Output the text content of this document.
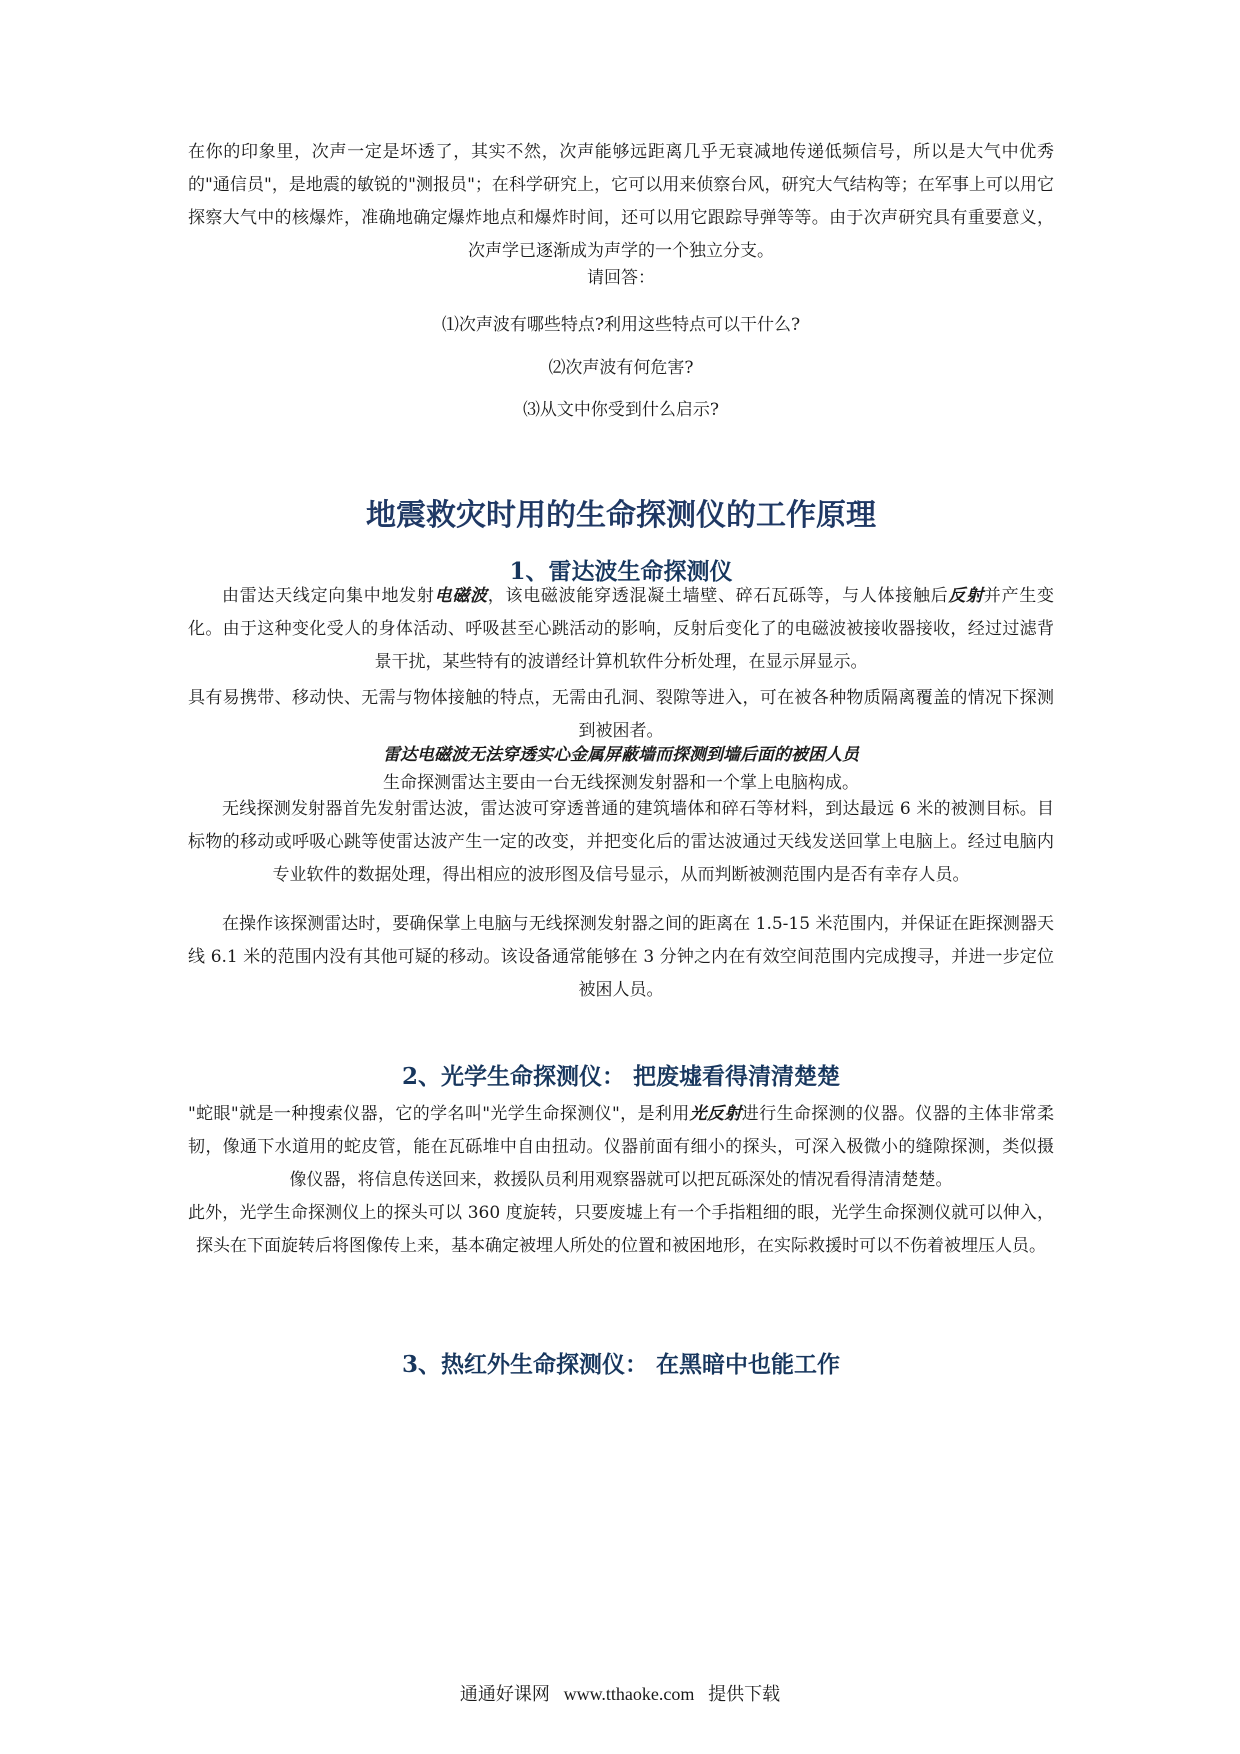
在你的印象里，次声一定是坏透了，其实不然，次声能够远距离几乎无衰减地传递低频信号，所以是大气中优秀的"通信员"，是地震的敏锐的"测报员"；在科学研究上，它可以用来侦察台风，研究大气结构等；在军事上可以用它探察大气中的核爆炸，准确地确定爆炸地点和爆炸时间，还可以用它跟踪导弹等等。由于次声研究具有重要意义，次声学已逐渐成为声学的一个独立分支。

请回答：

⑴次声波有哪些特点?利用这些特点可以干什么?

⑵次声波有何危害?

⑶从文中你受到什么启示?

地震救灾时用的生命探测仪的工作原理
1、雷达波生命探测仪

由雷达天线定向集中地发射电磁波，该电磁波能穿透混凝土墙壁、碎石瓦砾等，与人体接触后反射并产生变化。由于这种变化受人的身体活动、呼吸甚至心跳活动的影响，反射后变化了的电磁波被接收器接收，经过过滤背景干扰，某些特有的波谱经计算机软件分析处理，在显示屏显示。

具有易携带、移动快、无需与物体接触的特点，无需由孔洞、裂隙等进入，可在被各种物质隔离覆盖的情况下探测到被困者。

雷达电磁波无法穿透实心金属屏蔽墙而探测到墙后面的被困人员

生命探测雷达主要由一台无线探测发射器和一个掌上电脑构成。

无线探测发射器首先发射雷达波，雷达波可穿透普通的建筑墙体和碎石等材料，到达最远 6 米的被测目标。目标物的移动或呼吸心跳等使雷达波产生一定的改变，并把变化后的雷达波通过天线发送回掌上电脑上。经过电脑内专业软件的数据处理，得出相应的波形图及信号显示，从而判断被测范围内是否有幸存人员。

在操作该探测雷达时，要确保掌上电脑与无线探测发射器之间的距离在 1.5-15 米范围内，并保证在距探测器天线 6.1 米的范围内没有其他可疑的移动。该设备通常能够在 3 分钟之内在有效空间范围内完成搜寻，并进一步定位被困人员。

2、光学生命探测仪： 把废墟看得清清楚楚

"蛇眼"就是一种搜索仪器，它的学名叫"光学生命探测仪"，是利用光反射进行生命探测的仪器。仪器的主体非常柔韧，像通下水道用的蛇皮管，能在瓦砾堆中自由扭动。仪器前面有细小的探头，可深入极微小的缝隙探测，类似摄像仪器，将信息传送回来，救援队员利用观察器就可以把瓦砾深处的情况看得清清楚楚。

此外，光学生命探测仪上的探头可以 360 度旋转，只要废墟上有一个手指粗细的眼，光学生命探测仪就可以伸入，探头在下面旋转后将图像传上来，基本确定被埋人所处的位置和被困地形，在实际救援时可以不伤着被埋压人员。

3、热红外生命探测仪： 在黑暗中也能工作
通通好课网 www.tthaoke.com 提供下载
